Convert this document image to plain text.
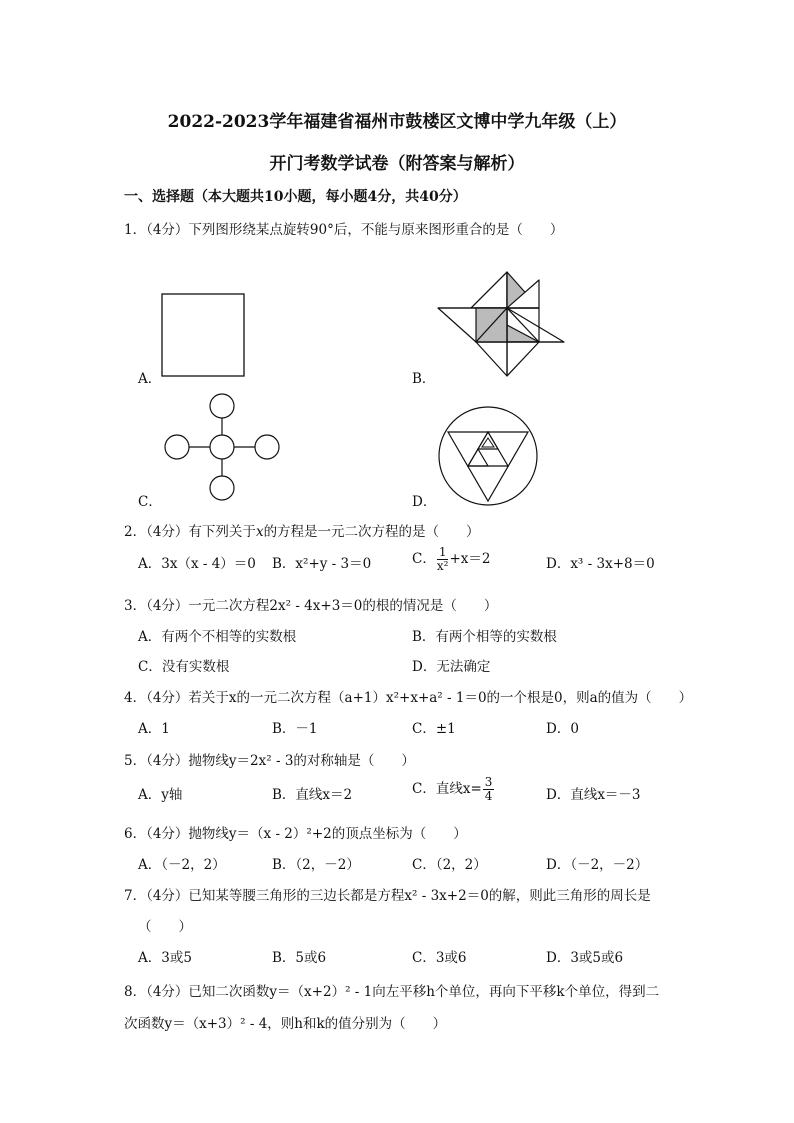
2022-2023学年福建省福州市鼓楼区文博中学九年级（上）
开门考数学试卷（附答案与解析）
一、选择题（本大题共10小题，每小题4分，共40分）
1．（4分）下列图形绕某点旋转90°后，不能与原来图形重合的是（　　）
A．	B．
C．	D．
2．（4分）有下列关于x的方程是一元二次方程的是（　　）
A．3x（x - 4）＝0 B．x²+y - 3＝0	C． $\frac{1}{\text{x²}} +x=2$	D．x³ - 3x+8＝0
3．（4分）一元二次方程2x² - 4x+3＝0的根的情况是（　　）
A．有两个不相等的实数根	B．有两个相等的实数根
C．没有实数根	D．无法确定
4．（4分）若关于x的一元二次方程（a+1）x²+x+a² - 1＝0的一个根是0，则a的值为（　　）
A．1	B．－1	C．±1	D．0
5．（4分）抛物线y＝2x² - 3的对称轴是（　　）
A．y轴	B．直线x＝2	C．直线$x= \frac{3}{4}$	D．直线x＝－3
6．（4分）抛物线y＝（x - 2）²+2的顶点坐标为（　　）
A．（－2，2）	B．（2，－2）	C．（2，2）	D．（－2，－2）
7．（4分）已知某等腰三角形的三边长都是方程x² - 3x+2＝0的解，则此三角形的周长是
（　　）
A．3或5	B．5或6	C．3或6	D．3或5或6
8．（4分）已知二次函数y＝（x+2）² - 1向左平移h个单位，再向下平移k个单位，得到二
次函数y＝（x+3）² - 4，则h和k的值分别为（　　）
